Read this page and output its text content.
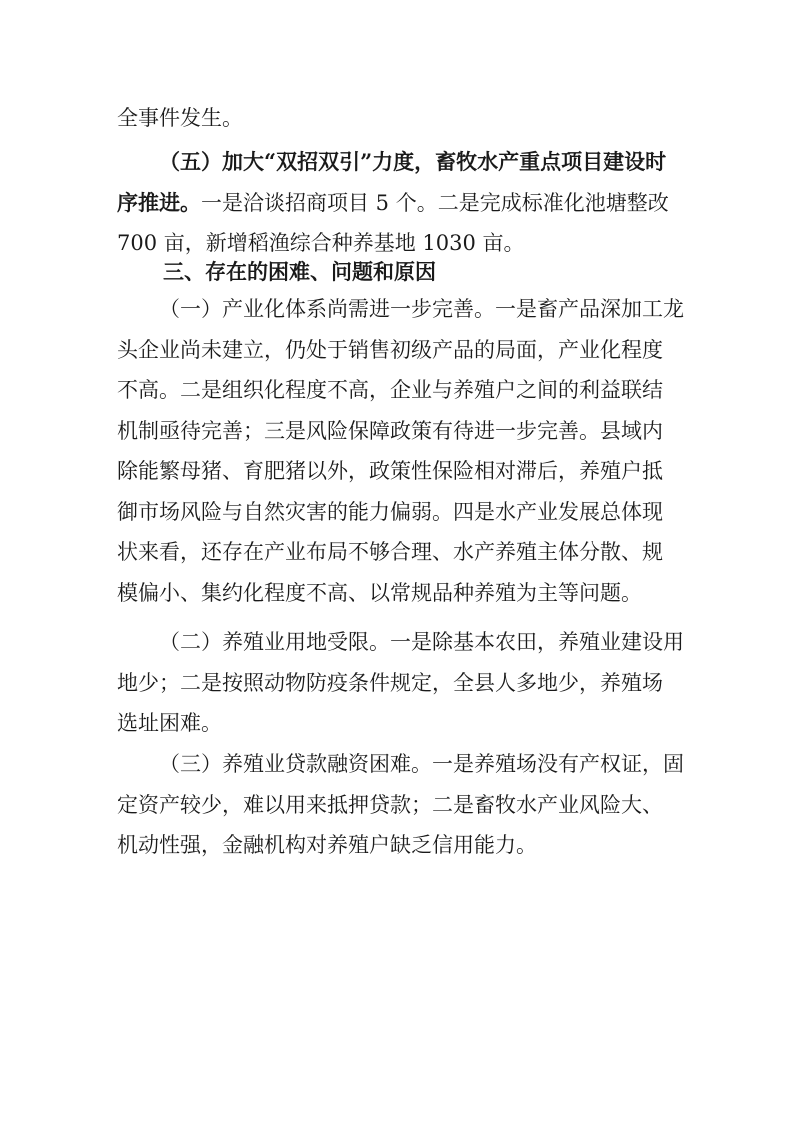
全事件发生。
（五）加大“双招双引”力度，畜牧水产重点项目建设时
序推进。一是洽谈招商项目 5 个。二是完成标准化池塘整改
700 亩，新增稻渔综合种养基地 1030 亩。
三、存在的困难、问题和原因
（一）产业化体系尚需进一步完善。一是畜产品深加工龙
头企业尚未建立，仍处于销售初级产品的局面，产业化程度
不高。二是组织化程度不高，企业与养殖户之间的利益联结
机制亟待完善；三是风险保障政策有待进一步完善。县域内
除能繁母猪、育肥猪以外，政策性保险相对滞后，养殖户抵
御市场风险与自然灾害的能力偏弱。四是水产业发展总体现
状来看，还存在产业布局不够合理、水产养殖主体分散、规
模偏小、集约化程度不高、以常规品种养殖为主等问题。
（二）养殖业用地受限。一是除基本农田，养殖业建设用
地少；二是按照动物防疫条件规定，全县人多地少，养殖场
选址困难。
（三）养殖业贷款融资困难。一是养殖场没有产权证，固
定资产较少，难以用来抵押贷款；二是畜牧水产业风险大、
机动性强，金融机构对养殖户缺乏信用能力。
